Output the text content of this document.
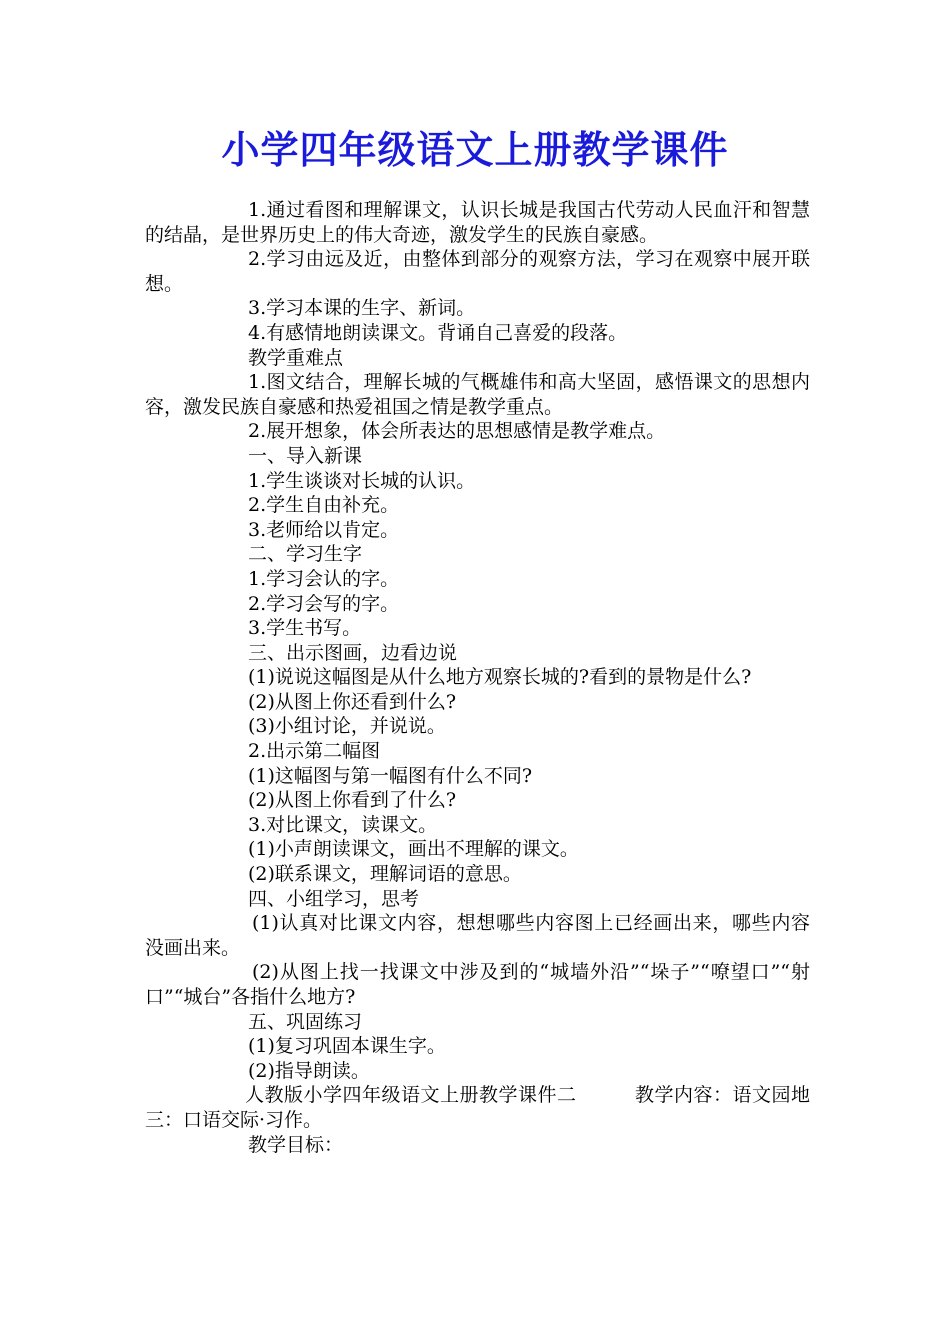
小学四年级语文上册教学课件

1.通过看图和理解课文，认识长城是我国古代劳动人民血汗和智慧的结晶，是世界历史上的伟大奇迹，激发学生的民族自豪感。

2.学习由远及近，由整体到部分的观察方法，学习在观察中展开联想。

3.学习本课的生字、新词。

4.有感情地朗读课文。背诵自己喜爱的段落。

教学重难点

1.图文结合，理解长城的气概雄伟和高大坚固，感悟课文的思想内容，激发民族自豪感和热爱祖国之情是教学重点。

2.展开想象，体会所表达的思想感情是教学难点。

一、导入新课

1.学生谈谈对长城的认识。

2.学生自由补充。

3.老师给以肯定。

二、学习生字

1.学习会认的字。

2.学习会写的字。

3.学生书写。

三、出示图画，边看边说

(1)说说这幅图是从什么地方观察长城的?看到的景物是什么?

(2)从图上你还看到什么?

(3)小组讨论，并说说。

2.出示第二幅图

(1)这幅图与第一幅图有什么不同?

(2)从图上你看到了什么?

3.对比课文，读课文。

(1)小声朗读课文，画出不理解的课文。

(2)联系课文，理解词语的意思。

四、小组学习，思考

(1)认真对比课文内容，想想哪些内容图上已经画出来，哪些内容没画出来。

(2)从图上找一找课文中涉及到的“城墙外沿”“垛子”“嘹望口”“射口”“城台”各指什么地方?

五、巩固练习

(1)复习巩固本课生字。

(2)指导朗读。

人教版小学四年级语文上册教学课件二　　　教学内容：语文园地三：口语交际·习作。

教学目标：
